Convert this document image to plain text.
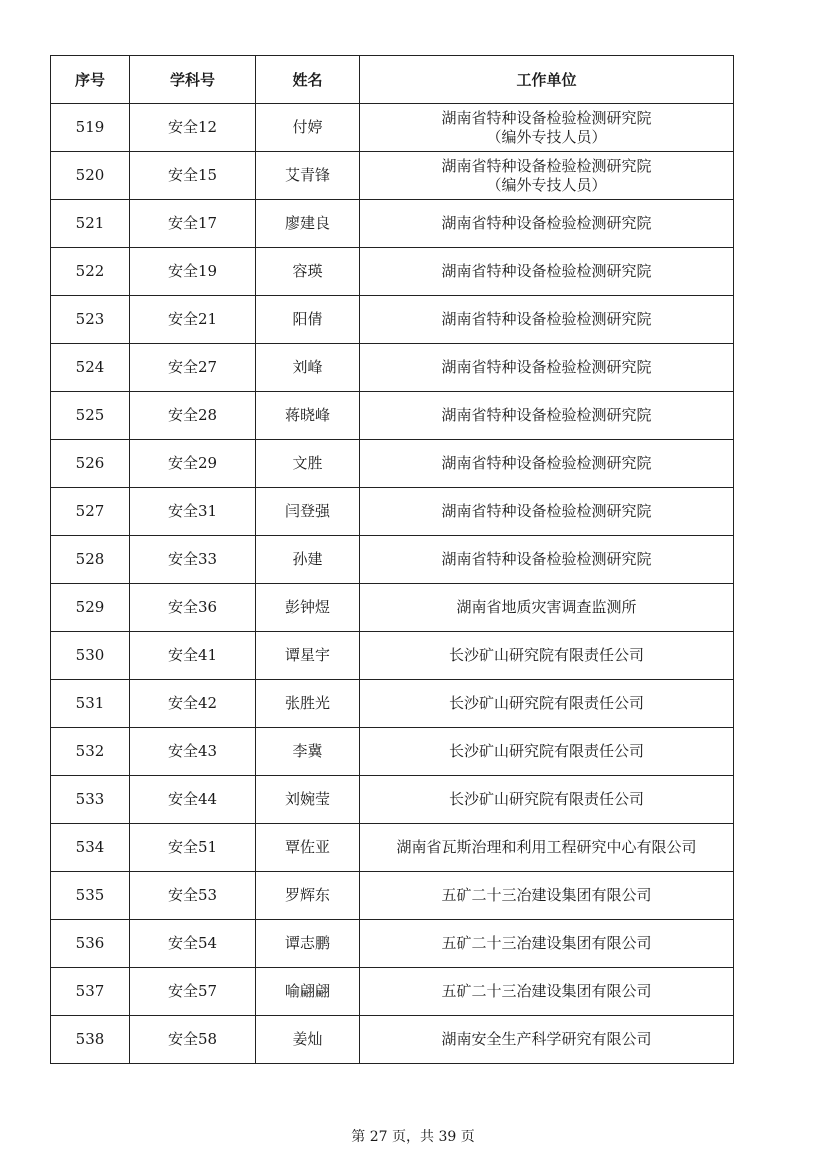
序号	学科号	姓名	工作单位
519	安全12	付婷	湖南省特种设备检验检测研究院
（编外专技人员）

520	安全15	艾青锋	湖南省特种设备检验检测研究院
（编外专技人员）

521	安全17	廖建良	湖南省特种设备检验检测研究院

522	安全19	容瑛	湖南省特种设备检验检测研究院

523	安全21	阳倩	湖南省特种设备检验检测研究院

524	安全27	刘峰	湖南省特种设备检验检测研究院

525	安全28	蒋晓峰	湖南省特种设备检验检测研究院

526	安全29	文胜	湖南省特种设备检验检测研究院

527	安全31	闫登强	湖南省特种设备检验检测研究院

528	安全33	孙建	湖南省特种设备检验检测研究院

529	安全36	彭钟煜	湖南省地质灾害调查监测所

530	安全41	谭星宇	长沙矿山研究院有限责任公司

531	安全42	张胜光	长沙矿山研究院有限责任公司

532	安全43	李冀	长沙矿山研究院有限责任公司

533	安全44	刘婉莹	长沙矿山研究院有限责任公司

534	安全51	覃佐亚	湖南省瓦斯治理和利用工程研究中心有限公司

535	安全53	罗辉东	五矿二十三冶建设集团有限公司

536	安全54	谭志鹏	五矿二十三冶建设集团有限公司

537	安全57	喻翩翩	五矿二十三冶建设集团有限公司

538	安全58	姜灿	湖南安全生产科学研究有限公司
第 27 页，共 39 页
